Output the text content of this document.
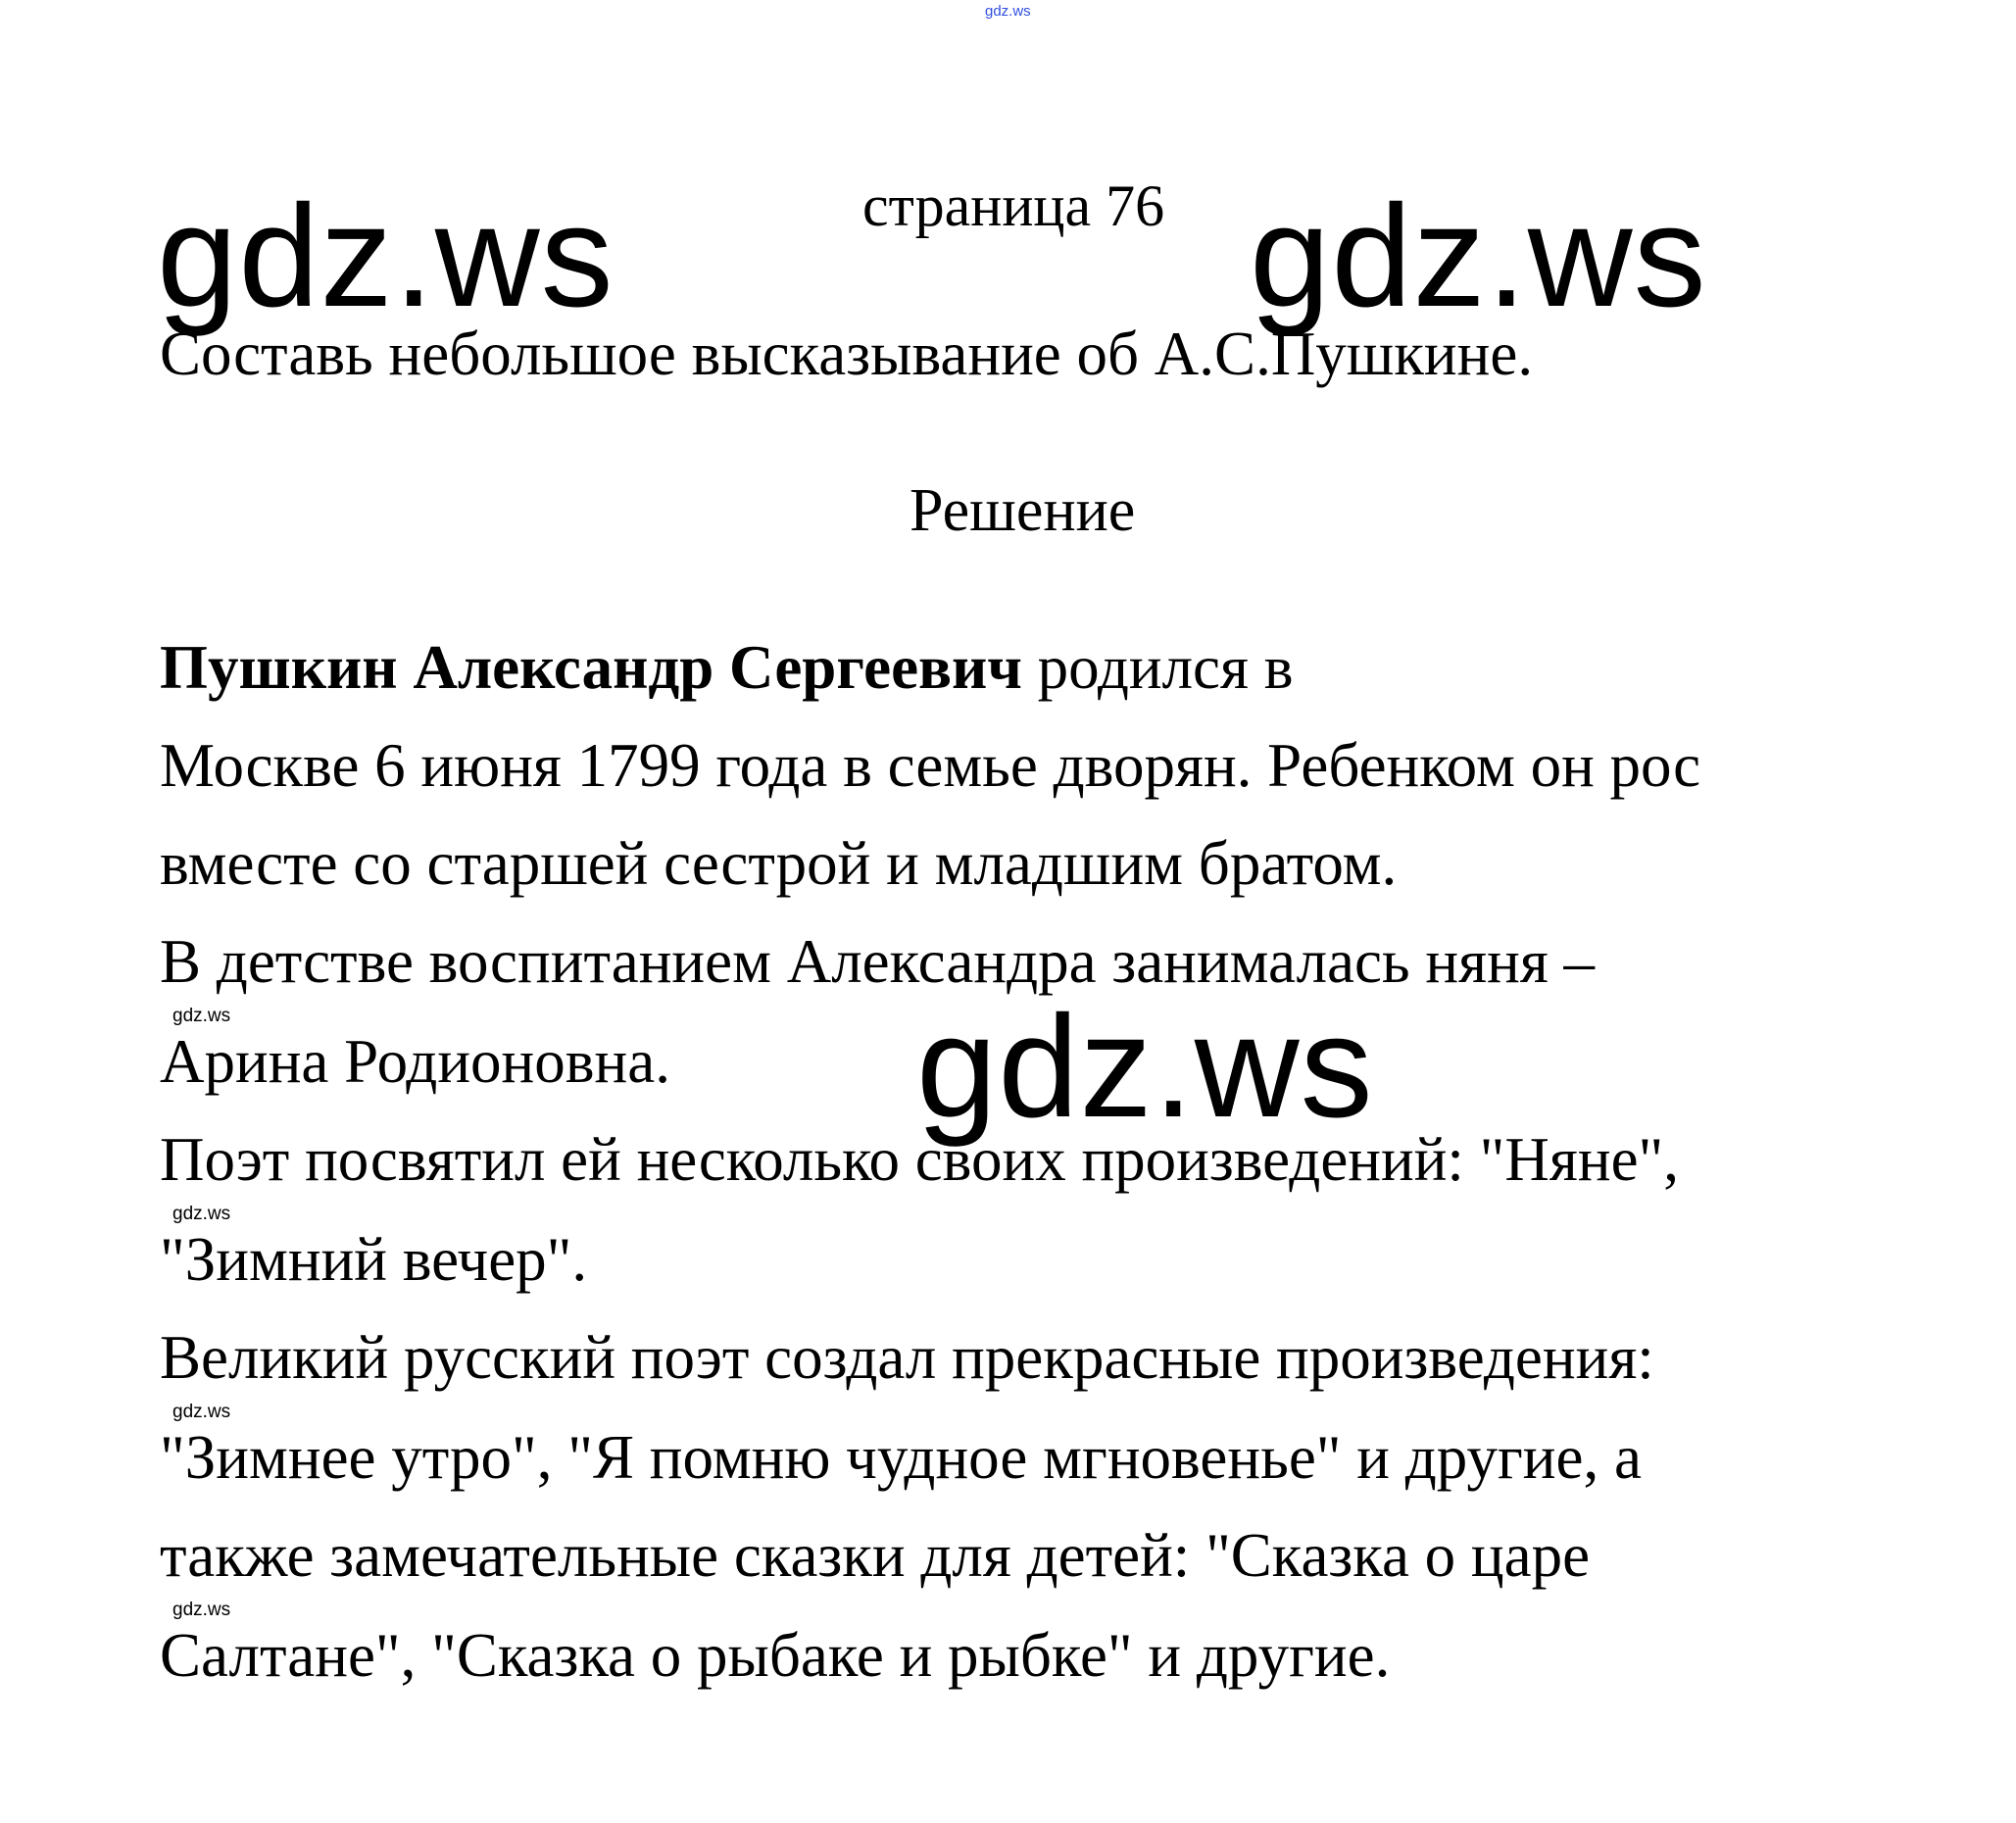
gdz.ws
страница 76
gdz.ws	gdz.ws
Составь небольшое высказывание об А.С.Пушкине.
Решение
Пушкин Александр Сергеевич родился в
Москве 6 июня 1799 года в семье дворян. Ребенком он рос
вместе со старшей сестрой и младшим братом.
В детстве воспитанием Александра занималась няня –
gdz.ws
Арина Родионовна. gdz.ws
Поэт посвятил ей несколько своих произведений: "Няне",
gdz.ws
"Зимний вечер".
Великий русский поэт создал прекрасные произведения:
gdz.ws
"Зимнее утро", "Я помню чудное мгновенье" и другие, а
также замечательные сказки для детей: "Сказка о царе
gdz.ws
Салтане", "Сказка о рыбаке и рыбке" и другие.
